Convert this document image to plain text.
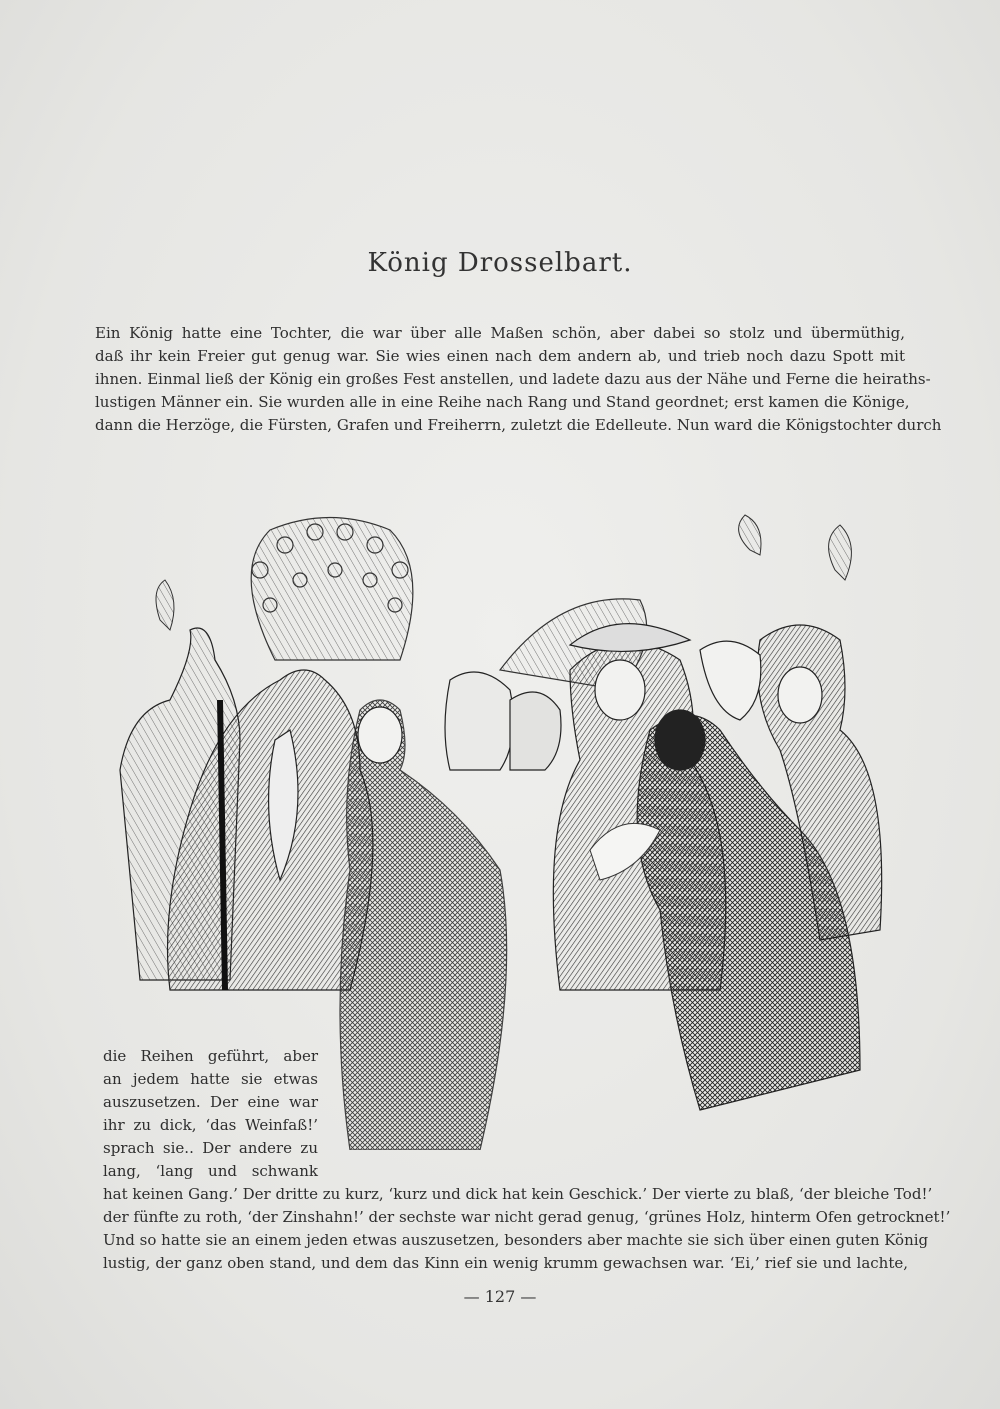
König Drosselbart.
Ein König hatte eine Tochter, die war über alle Maßen schön, aber dabei so stolz und übermüthig,
daß ihr kein Freier gut genug war. Sie wies einen nach dem andern ab, und trieb noch dazu Spott mit
ihnen. Einmal ließ der König ein großes Fest anstellen, und ladete dazu aus der Nähe und Ferne die heiraths-
lustigen Männer ein. Sie wurden alle in eine Reihe nach Rang und Stand geordnet; erst kamen die Könige,
dann die Herzöge, die Fürsten, Grafen und Freiherrn, zuletzt die Edelleute. Nun ward die Königstochter durch
die Reihen geführt, aber
an jedem hatte sie etwas
auszusetzen. Der eine war
ihr zu dick, ‘das Weinfaß!’
sprach sie.. Der andere zu
lang, ‘lang und schwank
hat keinen Gang.’ Der dritte zu kurz, ‘kurz und dick hat kein Geschick.’ Der vierte zu blaß, ‘der bleiche Tod!’
der fünfte zu roth, ‘der Zinshahn!’ der sechste war nicht gerad genug, ‘grünes Holz, hinterm Ofen getrocknet!’
Und so hatte sie an einem jeden etwas auszusetzen, besonders aber machte sie sich über einen guten König
lustig, der ganz oben stand, und dem das Kinn ein wenig krumm gewachsen war. ‘Ei,’ rief sie und lachte,
— 127 —
